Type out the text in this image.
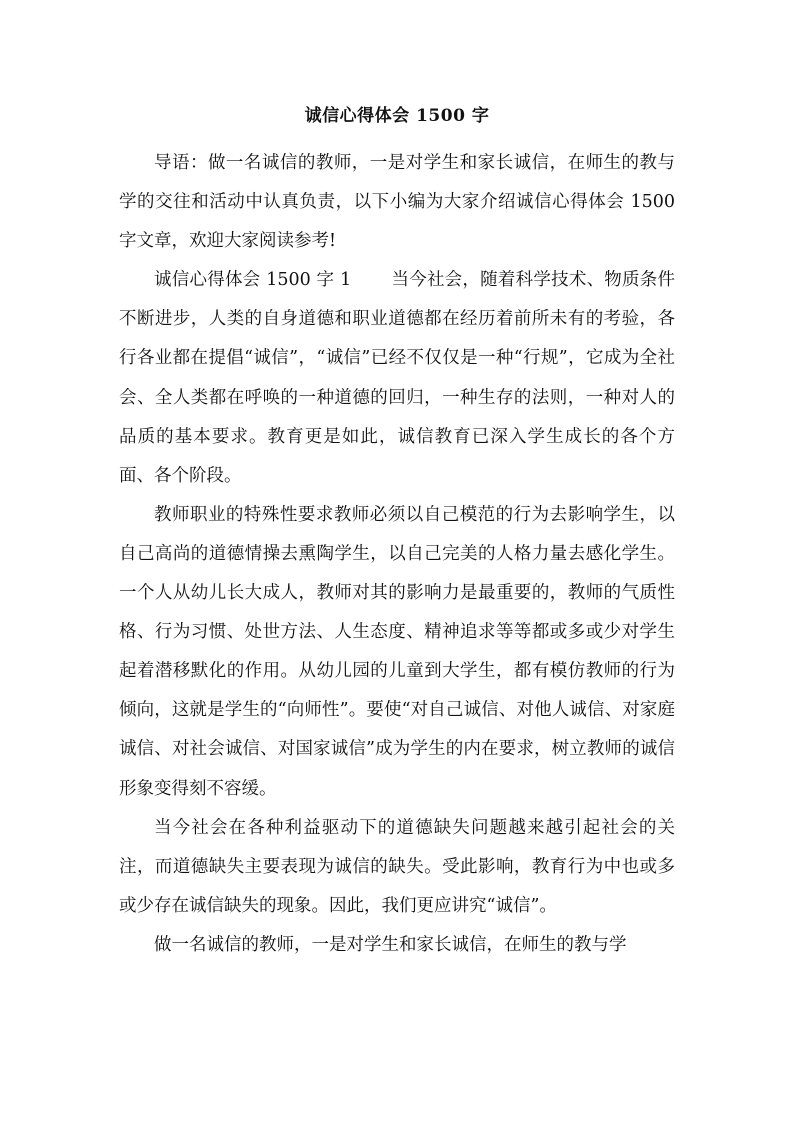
诚信心得体会 1500 字

导语：做一名诚信的教师，一是对学生和家长诚信，在师生的教与学的交往和活动中认真负责，以下小编为大家介绍诚信心得体会 1500 字文章，欢迎大家阅读参考!

诚信心得体会 1500 字 1 当今社会，随着科学技术、物质条件不断进步，人类的自身道德和职业道德都在经历着前所未有的考验，各行各业都在提倡“诚信”，“诚信”已经不仅仅是一种“行规”，它成为全社会、全人类都在呼唤的一种道德的回归，一种生存的法则，一种对人的品质的基本要求。教育更是如此，诚信教育已深入学生成长的各个方面、各个阶段。

教师职业的特殊性要求教师必须以自己模范的行为去影响学生，以自己高尚的道德情操去熏陶学生，以自己完美的人格力量去感化学生。一个人从幼儿长大成人，教师对其的影响力是最重要的，教师的气质性格、行为习惯、处世方法、人生态度、精神追求等等都或多或少对学生起着潜移默化的作用。从幼儿园的儿童到大学生，都有模仿教师的行为倾向，这就是学生的“向师性”。要使“对自己诚信、对他人诚信、对家庭诚信、对社会诚信、对国家诚信”成为学生的内在要求，树立教师的诚信形象变得刻不容缓。

当今社会在各种利益驱动下的道德缺失问题越来越引起社会的关注，而道德缺失主要表现为诚信的缺失。受此影响，教育行为中也或多或少存在诚信缺失的现象。因此，我们更应讲究“诚信”。

做一名诚信的教师，一是对学生和家长诚信，在师生的教与学
